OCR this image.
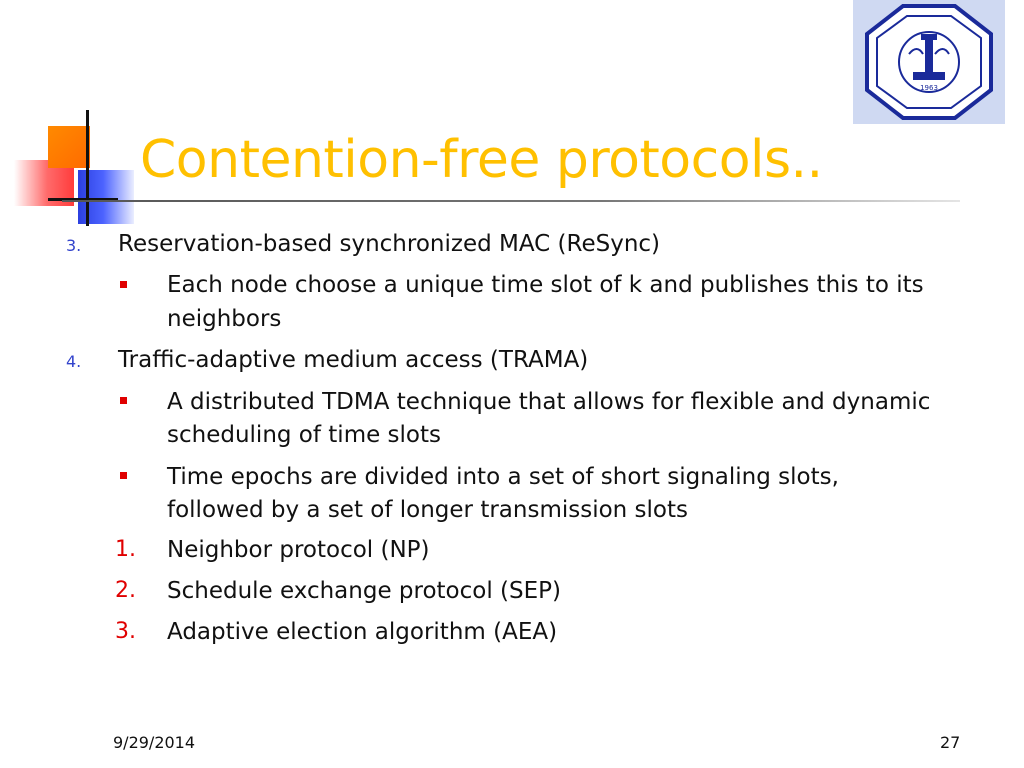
1963
Contention-free protocols..
3. Reservation-based synchronized MAC (ReSync)
Each node choose a unique time slot of k and publishes this to its
neighbors
4. Traffic-adaptive medium access (TRAMA)
A distributed TDMA technique that allows for flexible and dynamic
scheduling of time slots
Time epochs are divided into a set of short signaling slots,
followed by a set of longer transmission slots
1. Neighbor protocol (NP)
2. Schedule exchange protocol (SEP)
3. Adaptive election algorithm (AEA)
9/29/2014	27
